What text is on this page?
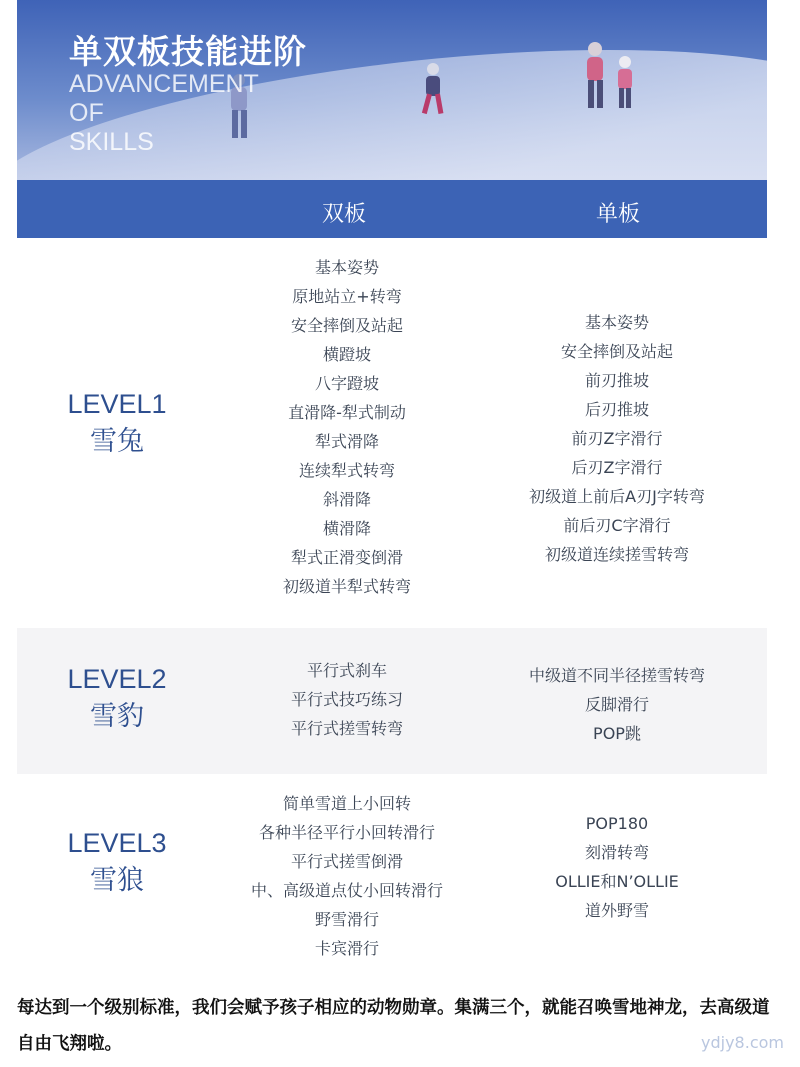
单双板技能进阶
ADVANCEMENT
OF
SKILLS
双板	单板
LEVEL1
雪兔
基本姿势
原地站立+转弯
安全摔倒及站起
横蹬坡
八字蹬坡
直滑降-犁式制动
犁式滑降
连续犁式转弯
斜滑降
横滑降
犁式正滑变倒滑
初级道半犁式转弯
基本姿势
安全摔倒及站起
前刃推坡
后刃推坡
前刃Z字滑行
后刃Z字滑行
初级道上前后A刃J字转弯
前后刃C字滑行
初级道连续搓雪转弯
LEVEL2
雪豹
平行式刹车
平行式技巧练习
平行式搓雪转弯
中级道不同半径搓雪转弯
反脚滑行
POP跳
LEVEL3
雪狼
简单雪道上小回转
各种半径平行小回转滑行
平行式搓雪倒滑
中、高级道点仗小回转滑行
野雪滑行
卡宾滑行
POP180
刻滑转弯
OLLIE和N’OLLIE
道外野雪
每达到一个级别标准，我们会赋予孩子相应的动物勋章。集满三个，就能召唤雪地神龙，去高级道自由飞翔啦。	ydjy8.com
